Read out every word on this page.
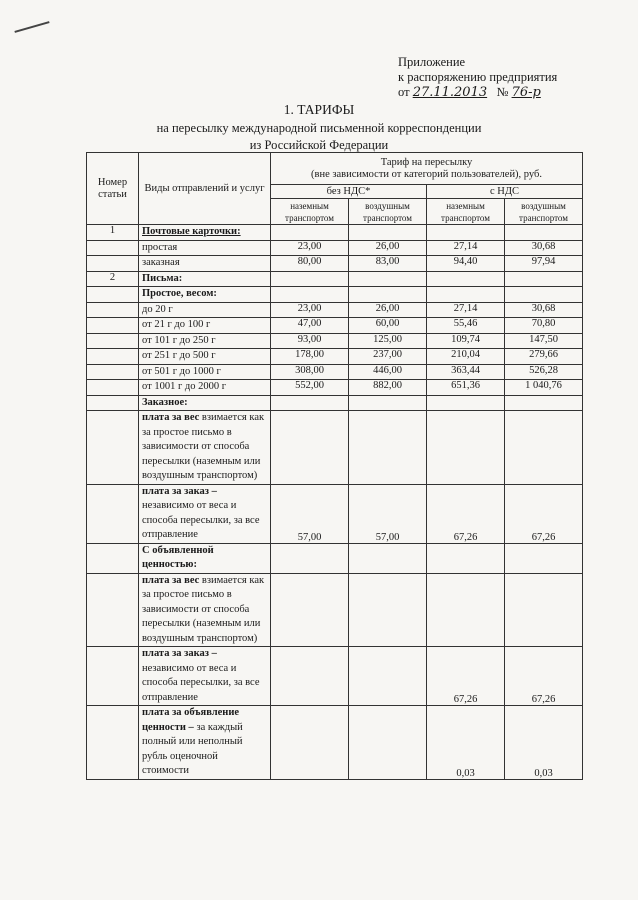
Приложение
к распоряжению предприятия
от 27.11.2013 № 76-р
1. ТАРИФЫ
на пересылку международной письменной корреспонденции
из Российской Федерации
Номер статьи	Виды отправлений и услуг	Тариф на пересылку
(вне зависимости от категорий пользователей), руб.			

		без НДС*		с НДС	
		наземным транспортом	воздушным транспортом	наземным транспортом	воздушным транспортом
1	Почтовые карточки:				
	простая	23,00	26,00	27,14	30,68
	заказная	80,00	83,00	94,40	97,94
2	Письма:				
	Простое, весом:				
	до 20 г	23,00	26,00	27,14	30,68
	от 21 г до 100 г	47,00	60,00	55,46	70,80
	от 101 г до 250 г	93,00	125,00	109,74	147,50
	от 251 г до 500 г	178,00	237,00	210,04	279,66
	от 501 г до 1000 г	308,00	446,00	363,44	526,28
	от 1001 г до 2000 г	552,00	882,00	651,36	1 040,76
	Заказное:				
	плата за вес взимается как за простое письмо в зависимости от способа пересылки (наземным или воздушным транспортом)				
	плата за заказ – независимо от веса и способа пересылки, за все отправление	57,00	57,00	67,26	67,26
	С объявленной ценностью:				
	плата за вес взимается как за простое письмо в зависимости от способа пересылки (наземным или воздушным транспортом)				
	плата за заказ – независимо от веса и способа пересылки, за все отправление			67,26	67,26
	плата за объявление ценности – за каждый полный или неполный рубль оценочной стоимости			0,03	0,03
